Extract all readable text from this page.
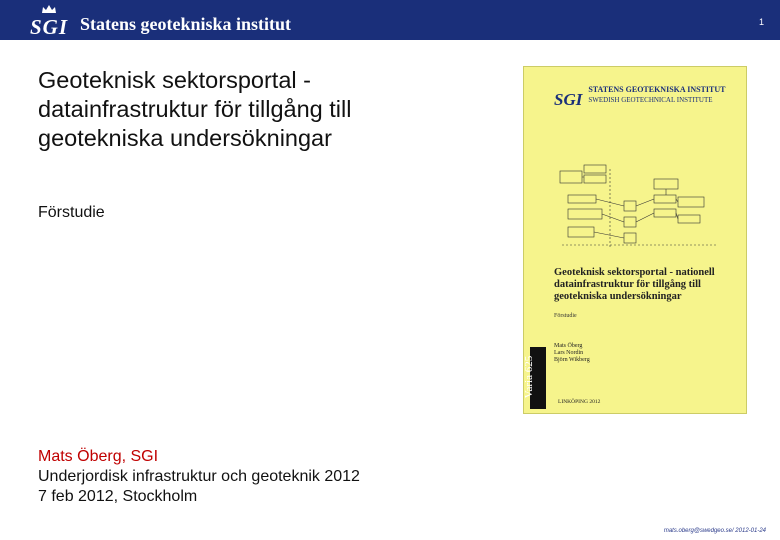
SGI Statens geotekniska institut	1
Geoteknisk sektorsportal -
datainfrastruktur för tillgång till
geotekniska undersökningar
Förstudie
SGI
STATENS GEOTEKNISKA INSTITUT
SWEDISH GEOTECHNICAL INSTITUTE
Geoteknisk sektorsportal - nationell datainfrastruktur för tillgång till geotekniska undersökningar
Förstudie
Mats Öberg
Lars Nordin
Björn Wikberg
Varia 625
LINKÖPING 2012
Mats Öberg, SGI
Underjordisk infrastruktur och geoteknik 2012
7 feb 2012, Stockholm
mats.oberg@swedgeo.se/ 2012-01-24
